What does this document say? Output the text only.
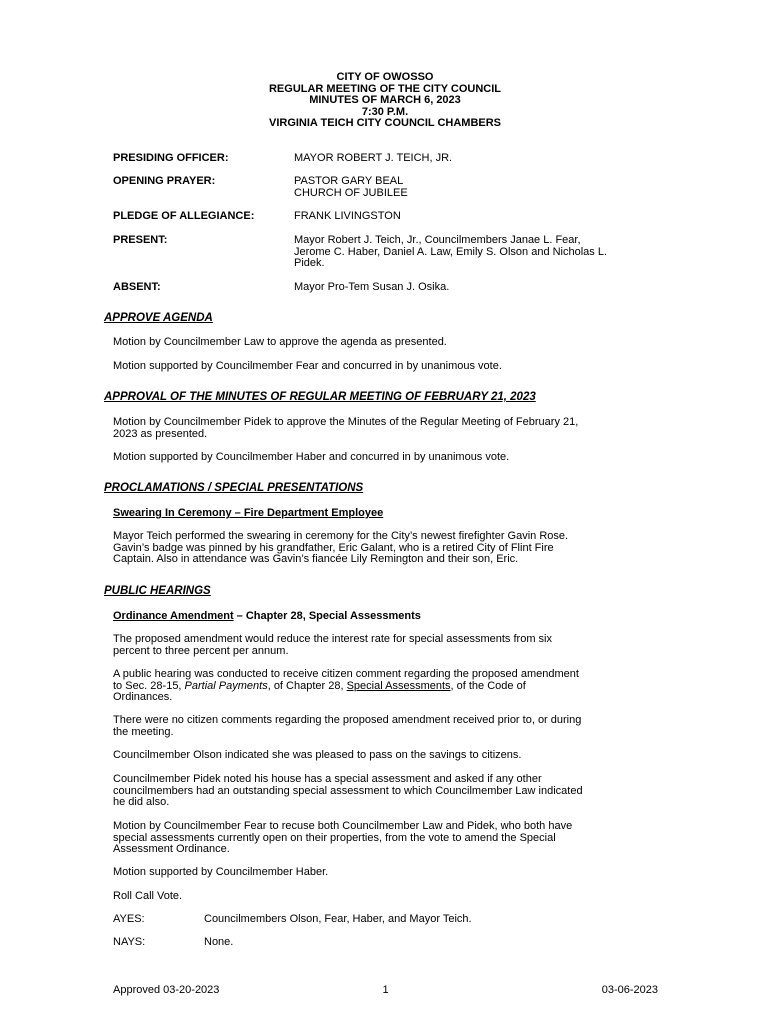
CITY OF OWOSSO
REGULAR MEETING OF THE CITY COUNCIL
MINUTES OF MARCH 6, 2023
7:30 P.M.
VIRGINIA TEICH CITY COUNCIL CHAMBERS
PRESIDING OFFICER:	MAYOR ROBERT J. TEICH, JR.
OPENING PRAYER:	PASTOR GARY BEAL
CHURCH OF JUBILEE
PLEDGE OF ALLEGIANCE:	FRANK LIVINGSTON
PRESENT:	Mayor Robert J. Teich, Jr., Councilmembers Janae L. Fear,
Jerome C. Haber, Daniel A. Law, Emily S. Olson and Nicholas L.
Pidek.
ABSENT:	Mayor Pro-Tem Susan J. Osika.
APPROVE AGENDA
Motion by Councilmember Law to approve the agenda as presented.
Motion supported by Councilmember Fear and concurred in by unanimous vote.
APPROVAL OF THE MINUTES OF REGULAR MEETING OF FEBRUARY 21, 2023
Motion by Councilmember Pidek to approve the Minutes of the Regular Meeting of February 21,
2023 as presented.
Motion supported by Councilmember Haber and concurred in by unanimous vote.
PROCLAMATIONS / SPECIAL PRESENTATIONS
Swearing In Ceremony – Fire Department Employee
Mayor Teich performed the swearing in ceremony for the City’s newest firefighter Gavin Rose.
Gavin’s badge was pinned by his grandfather, Eric Galant, who is a retired City of Flint Fire
Captain. Also in attendance was Gavin’s fiancée Lily Remington and their son, Eric.
PUBLIC HEARINGS
Ordinance Amendment – Chapter 28, Special Assessments
The proposed amendment would reduce the interest rate for special assessments from six
percent to three percent per annum.
A public hearing was conducted to receive citizen comment regarding the proposed amendment
to Sec. 28-15, Partial Payments, of Chapter 28, Special Assessments, of the Code of
Ordinances.
There were no citizen comments regarding the proposed amendment received prior to, or during
the meeting.
Councilmember Olson indicated she was pleased to pass on the savings to citizens.
Councilmember Pidek noted his house has a special assessment and asked if any other
councilmembers had an outstanding special assessment to which Councilmember Law indicated
he did also.
Motion by Councilmember Fear to recuse both Councilmember Law and Pidek, who both have
special assessments currently open on their properties, from the vote to amend the Special
Assessment Ordinance.
Motion supported by Councilmember Haber.
Roll Call Vote.
AYES:	Councilmembers Olson, Fear, Haber, and Mayor Teich.
NAYS:	None.
Approved 03-20-2023	1	03-06-2023
